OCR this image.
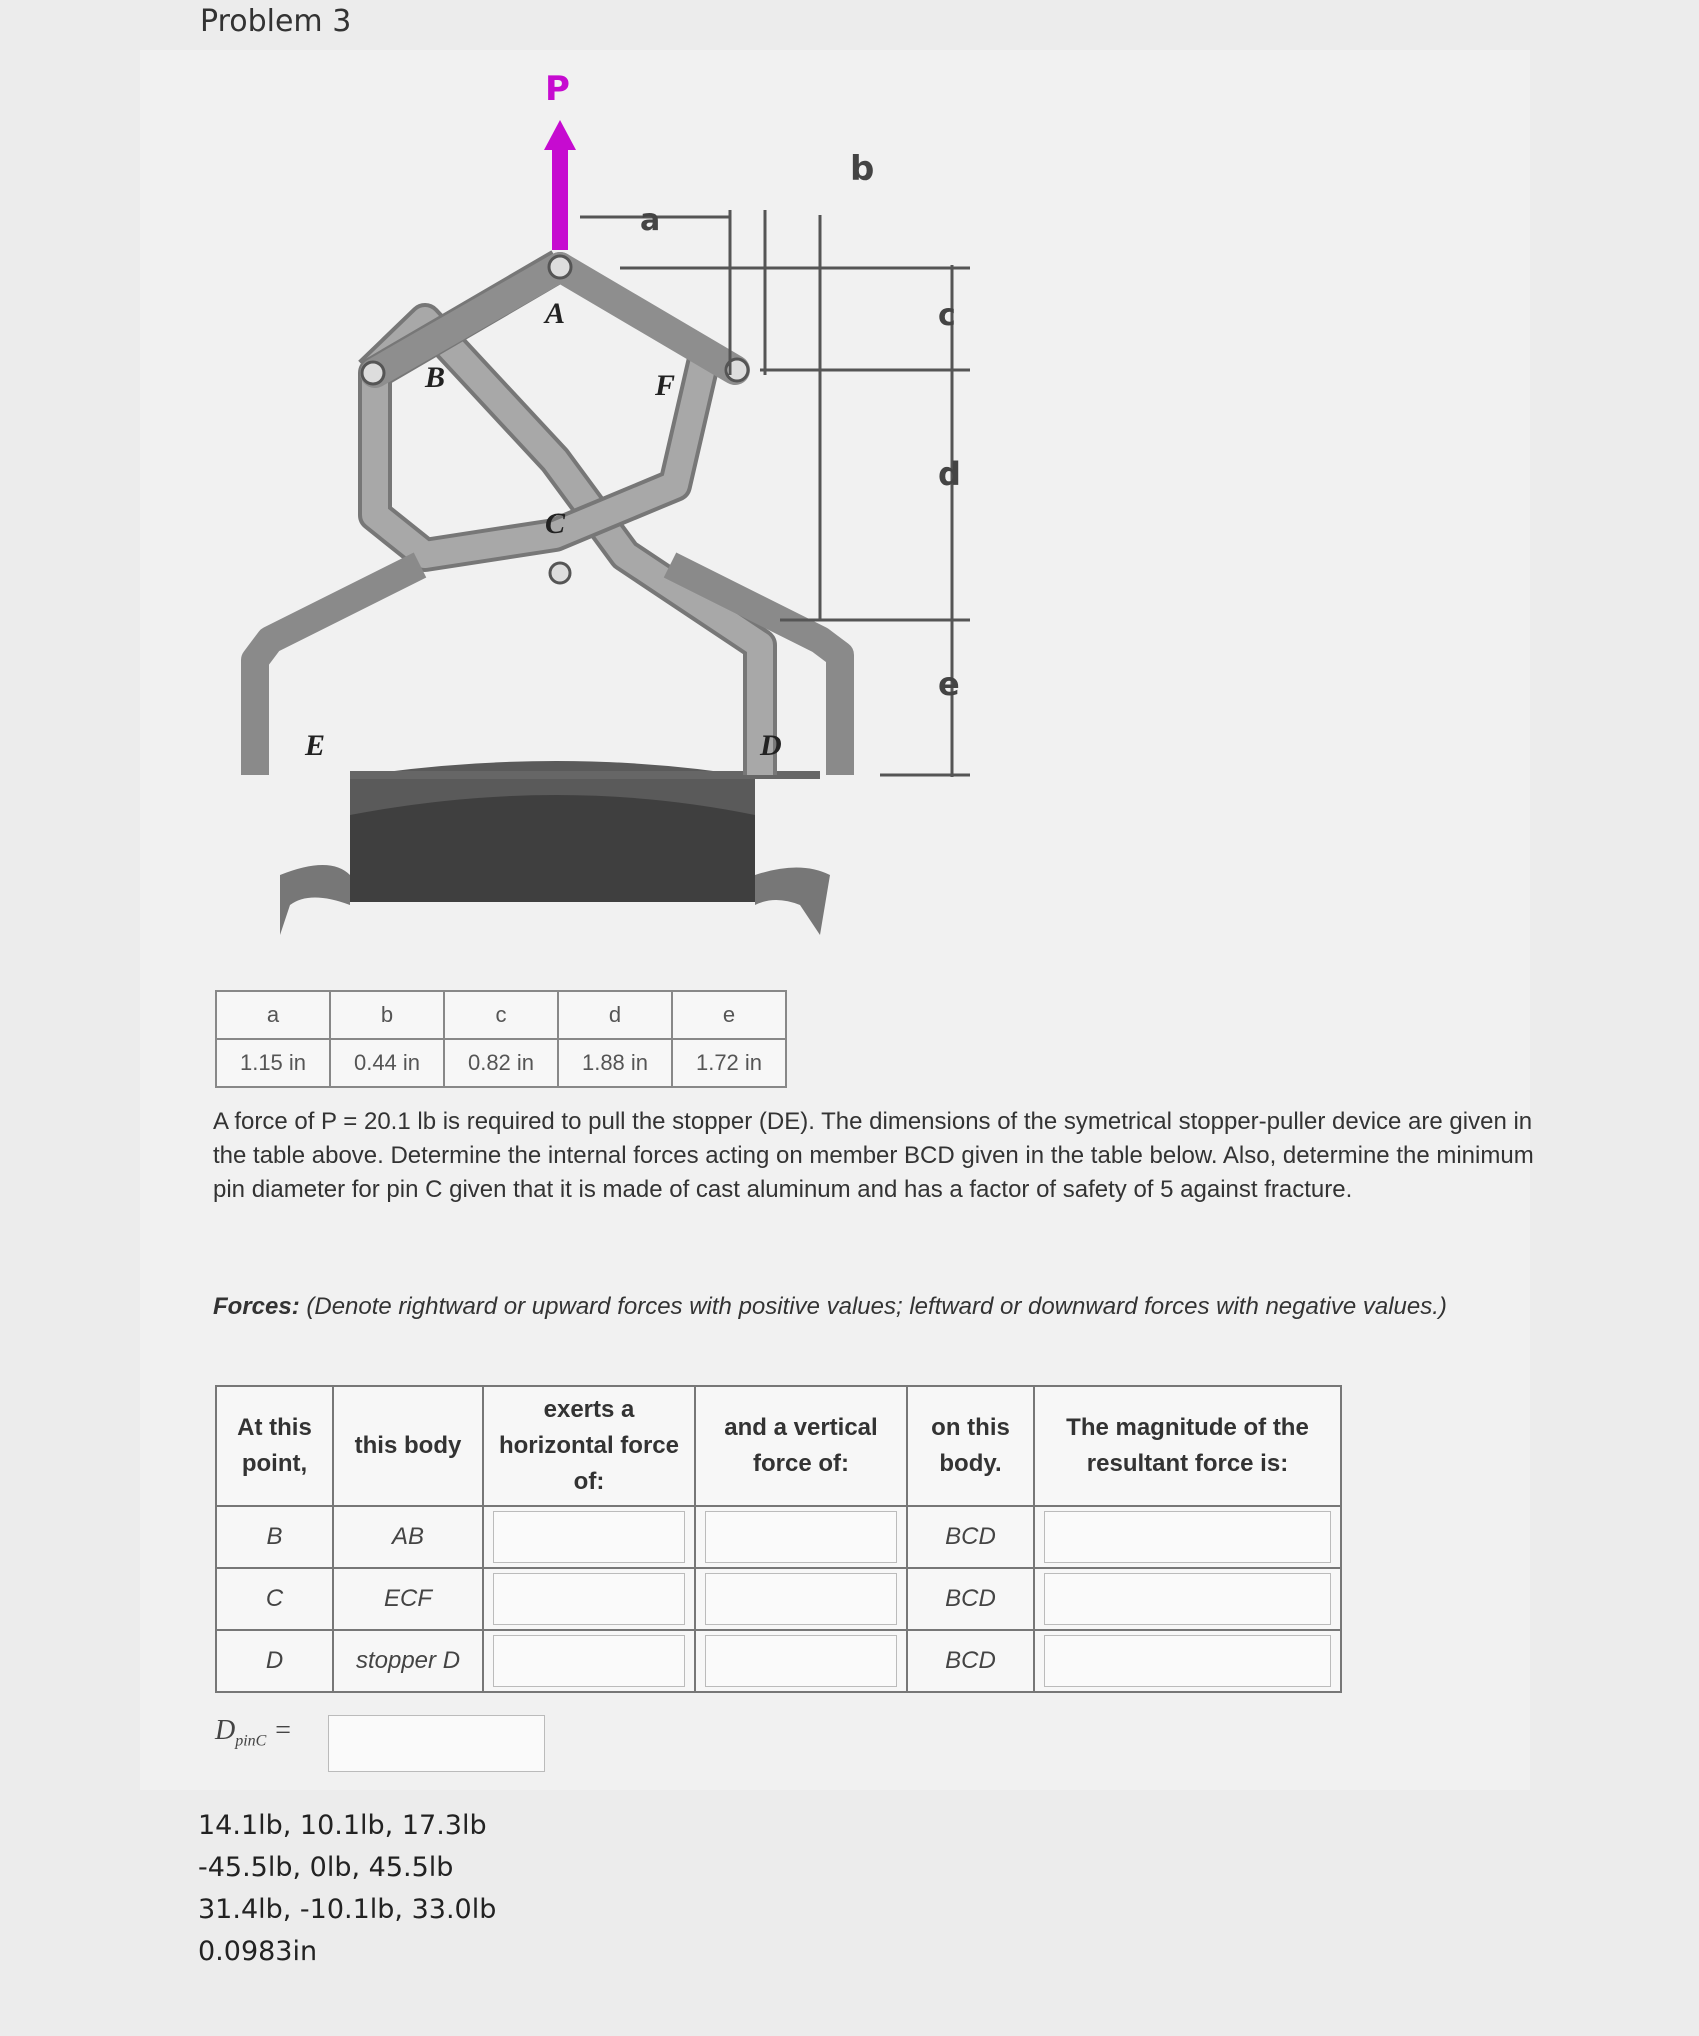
Problem 3
P
a
b
c
d
e
A
B
C
D
E
F
a	b	c	d	e
1.15 in	0.44 in	0.82 in	1.88 in	1.72 in
A force of P = 20.1 lb is required to pull the stopper (DE). The dimensions of the symetrical stopper-puller device are given in the table above. Determine the internal forces acting on member BCD given in the table below. Also, determine the minimum pin diameter for pin C given that it is made of cast aluminum and has a factor of safety of 5 against fracture.
Forces: (Denote rightward or upward forces with positive values; leftward or downward forces with negative values.)
At this point,	this body	exerts a horizontal force of:	and a vertical force of:	on this body.	The magnitude of the resultant force is:
B	AB			BCD	

C	ECF			BCD	

D	stopper D			BCD	
$D_{pinC}$ =
14.1lb, 10.1lb, 17.3lb
-45.5lb, 0lb, 45.5lb
31.4lb, -10.1lb, 33.0lb
0.0983in
